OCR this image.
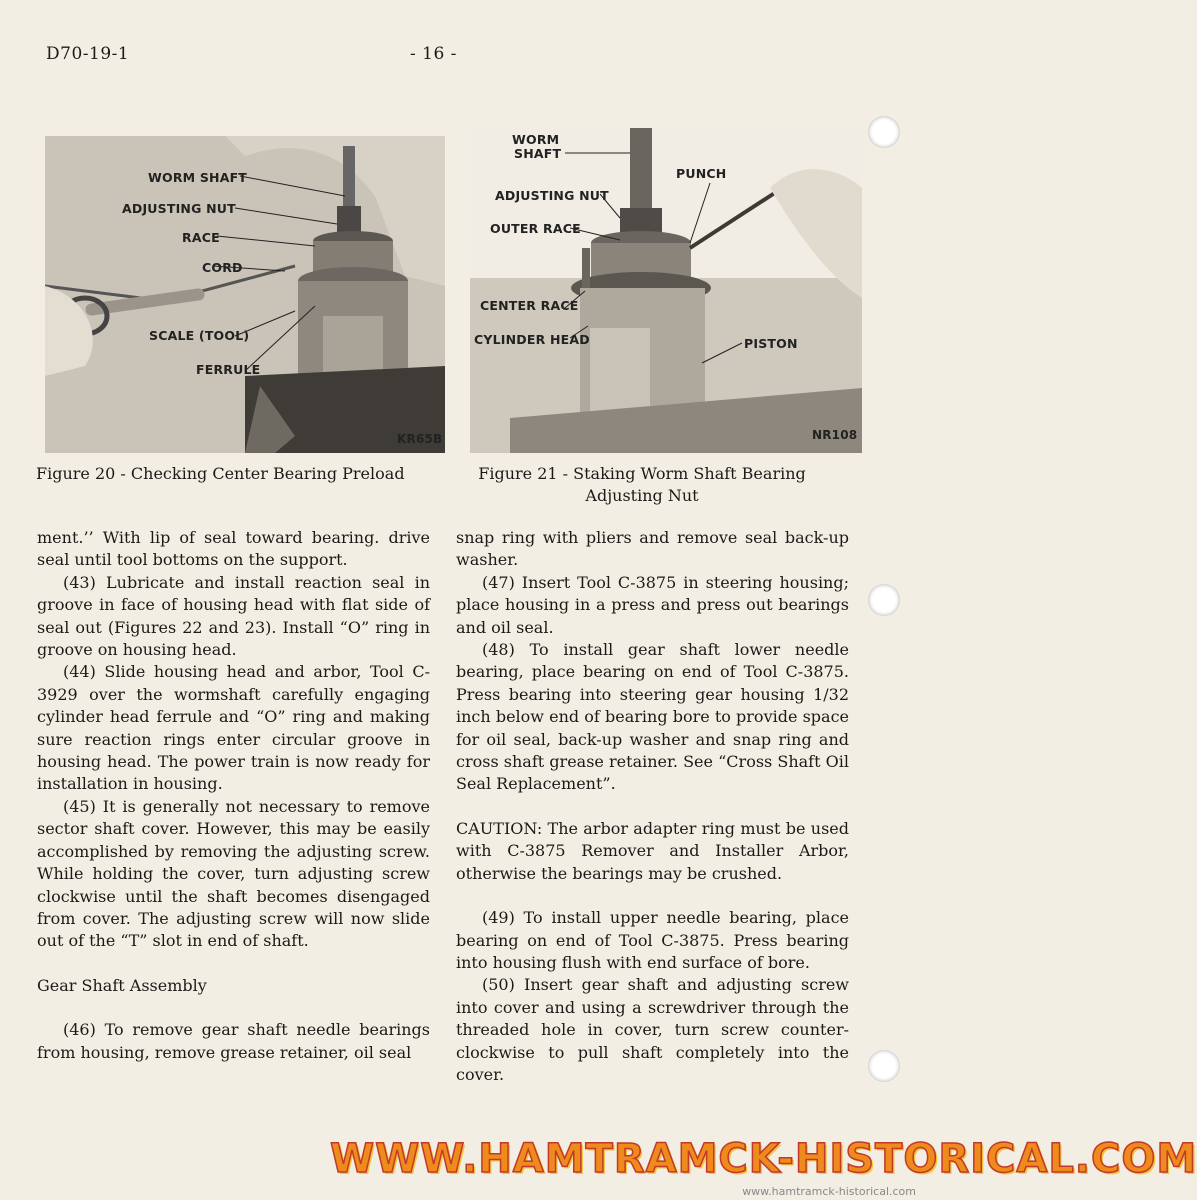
D70-19-1	- 16 -
WORM SHAFT
ADJUSTING NUT
RACE
CORD
SCALE (TOOL)
FERRULE
KR65B
Figure 20 - Checking Center Bearing Preload
WORM
SHAFT
PUNCH
ADJUSTING NUT
OUTER RACE
CENTER RACE
CYLINDER HEAD	PISTON
NR108
Figure 21 - Staking Worm Shaft Bearing
Adjusting Nut

ment.’’ With lip of seal toward bearing. drive seal until tool bottoms on the support.

(43) Lubricate and install reaction seal in groove in face of housing head with flat side of seal out (Figures 22 and 23). Install “O” ring in groove on housing head.

(44) Slide housing head and arbor, Tool C-3929 over the wormshaft carefully engaging cylinder head ferrule and “O” ring and making sure reaction rings enter circular groove in housing head. The power train is now ready for installation in housing.

(45) It is generally not necessary to remove sector shaft cover. However, this may be easily accomplished by removing the adjusting screw. While holding the cover, turn adjusting screw clockwise until the shaft becomes disengaged from cover. The adjusting screw will now slide out of the “T” slot in end of shaft.

Gear Shaft Assembly

(46) To remove gear shaft needle bearings from housing, remove grease retainer, oil seal

snap ring with pliers and remove seal back-up washer.

(47) Insert Tool C-3875 in steering housing; place housing in a press and press out bearings and oil seal.

(48) To install gear shaft lower needle bearing, place bearing on end of Tool C-3875. Press bearing into steering gear housing 1/32 inch below end of bearing bore to provide space for oil seal, back-up washer and snap ring and cross shaft grease retainer. See “Cross Shaft Oil Seal Replacement”.

CAUTION: The arbor adapter ring must be used with C-3875 Remover and Installer Arbor, otherwise the bearings may be crushed.

(49) To install upper needle bearing, place bearing on end of Tool C-3875. Press bearing into housing flush with end surface of bore.

(50) Insert gear shaft and adjusting screw into cover and using a screwdriver through the threaded hole in cover, turn screw counter-clockwise to pull shaft completely into the cover.

WWW.HAMTRAMCK-HISTORICAL.COM
www.hamtramck-historical.com
